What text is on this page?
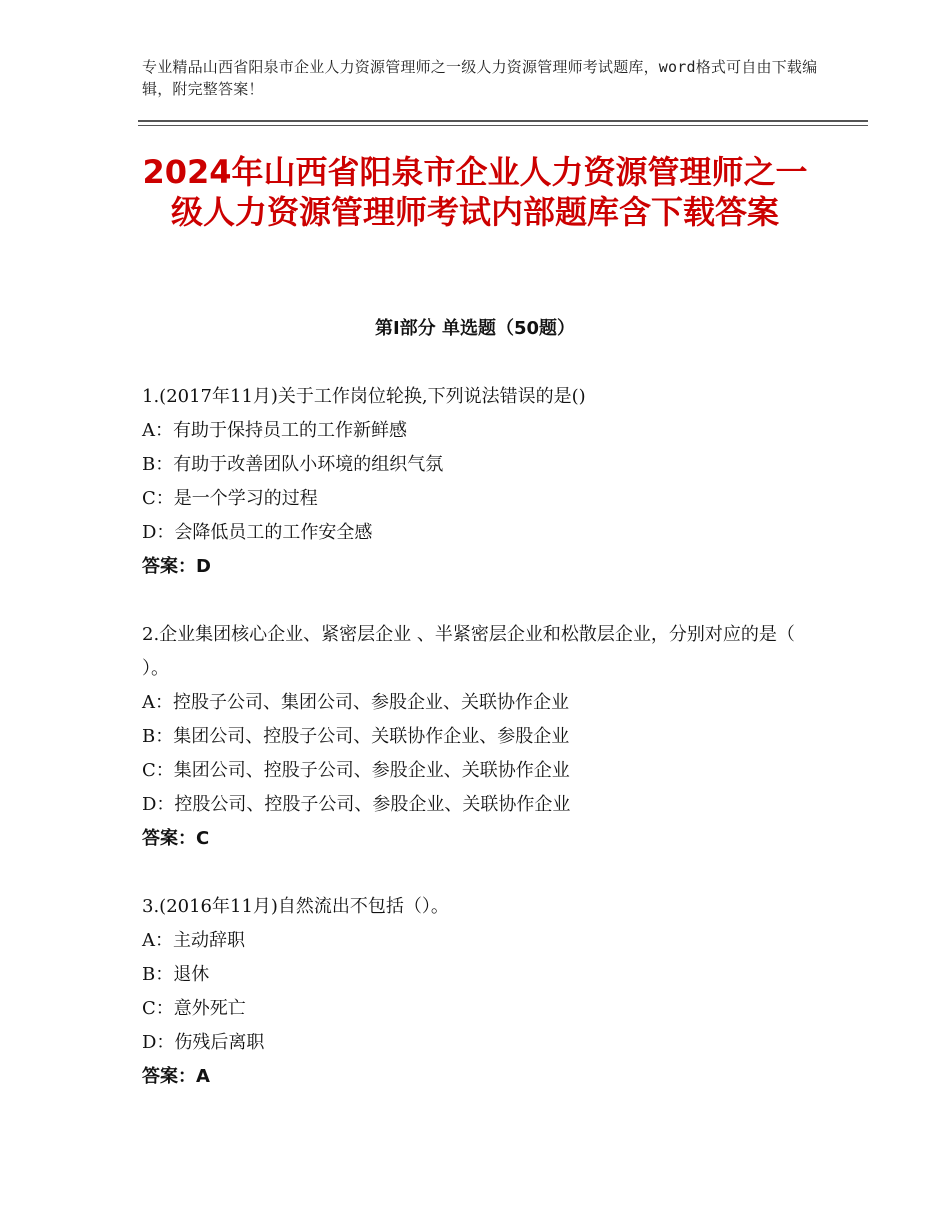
专业精品山西省阳泉市企业人力资源管理师之一级人力资源管理师考试题库，word格式可自由下载编辑，附完整答案！
2024年山西省阳泉市企业人力资源管理师之一级人力资源管理师考试内部题库含下载答案
第Ⅰ部分 单选题（50题）
1.(2017年11月)关于工作岗位轮换,下列说法错误的是()
A：有助于保持员工的工作新鲜感
B：有助于改善团队小环境的组织气氛
C：是一个学习的过程
D：会降低员工的工作安全感
答案：D
2.企业集团核心企业、紧密层企业 、半紧密层企业和松散层企业，分别对应的是（ ）。
A：控股子公司、集团公司、参股企业、关联协作企业
B：集团公司、控股子公司、关联协作企业、参股企业
C：集团公司、控股子公司、参股企业、关联协作企业
D：控股公司、控股子公司、参股企业、关联协作企业
答案：C
3.(2016年11月)自然流出不包括（）。
A：主动辞职
B：退休
C：意外死亡
D：伤残后离职
答案：A
